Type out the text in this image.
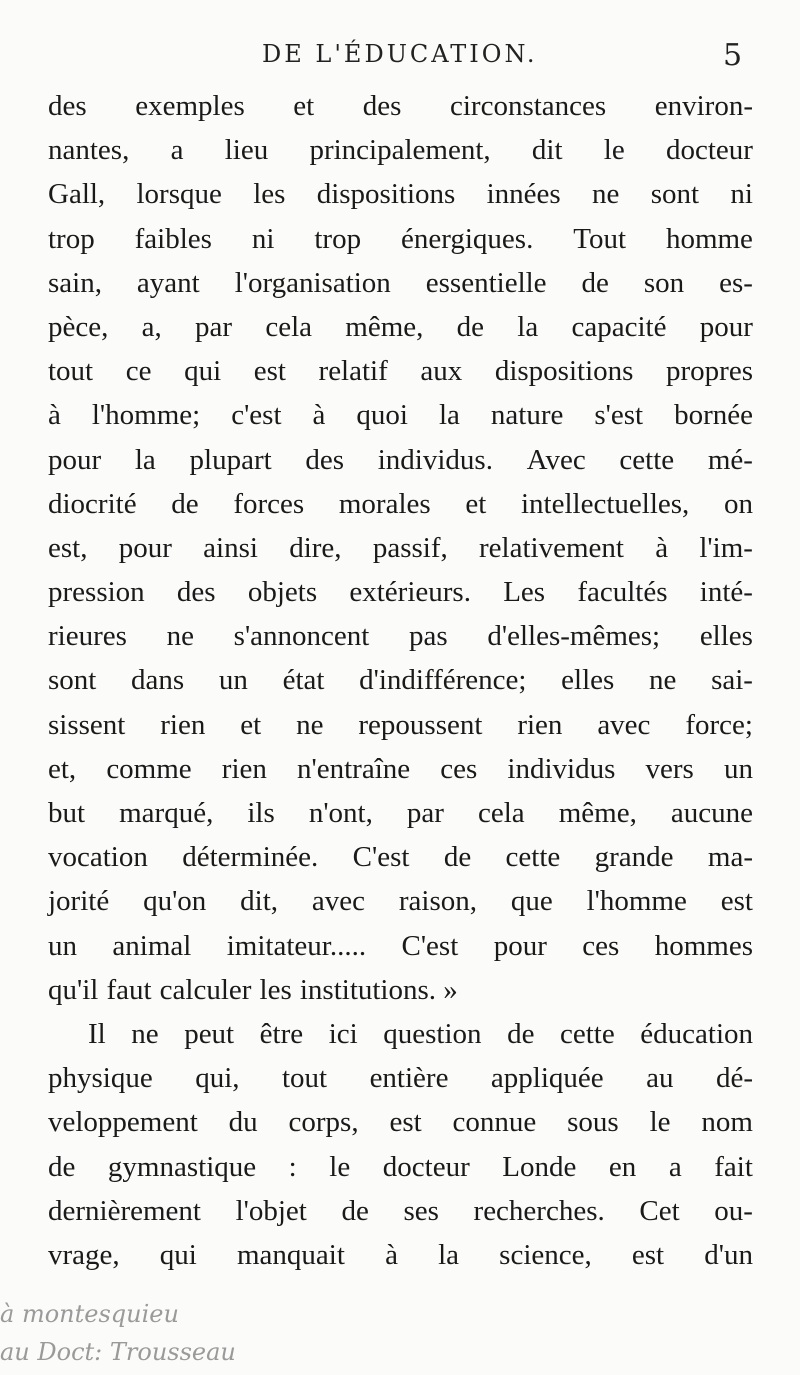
DE L'ÉDUCATION.	5
des exemples et des circonstances environ-
nantes, a lieu principalement, dit le docteur
Gall, lorsque les dispositions innées ne sont ni
trop faibles ni trop énergiques. Tout homme
sain, ayant l'organisation essentielle de son es-
pèce, a, par cela même, de la capacité pour
tout ce qui est relatif aux dispositions propres
à l'homme; c'est à quoi la nature s'est bornée
pour la plupart des individus. Avec cette mé-
diocrité de forces morales et intellectuelles, on
est, pour ainsi dire, passif, relativement à l'im-
pression des objets extérieurs. Les facultés inté-
rieures ne s'annoncent pas d'elles-mêmes; elles
sont dans un état d'indifférence; elles ne sai-
sissent rien et ne repoussent rien avec force;
et, comme rien n'entraîne ces individus vers un
but marqué, ils n'ont, par cela même, aucune
vocation déterminée. C'est de cette grande ma-
jorité qu'on dit, avec raison, que l'homme est
un animal imitateur..... C'est pour ces hommes
qu'il faut calculer les institutions. »
Il ne peut être ici question de cette éducation
physique qui, tout entière appliquée au dé-
veloppement du corps, est connue sous le nom
de gymnastique : le docteur Londe en a fait
dernièrement l'objet de ses recherches. Cet ou-
vrage, qui manquait à la science, est d'un
à montesquieu
au Doct: Trousseau
